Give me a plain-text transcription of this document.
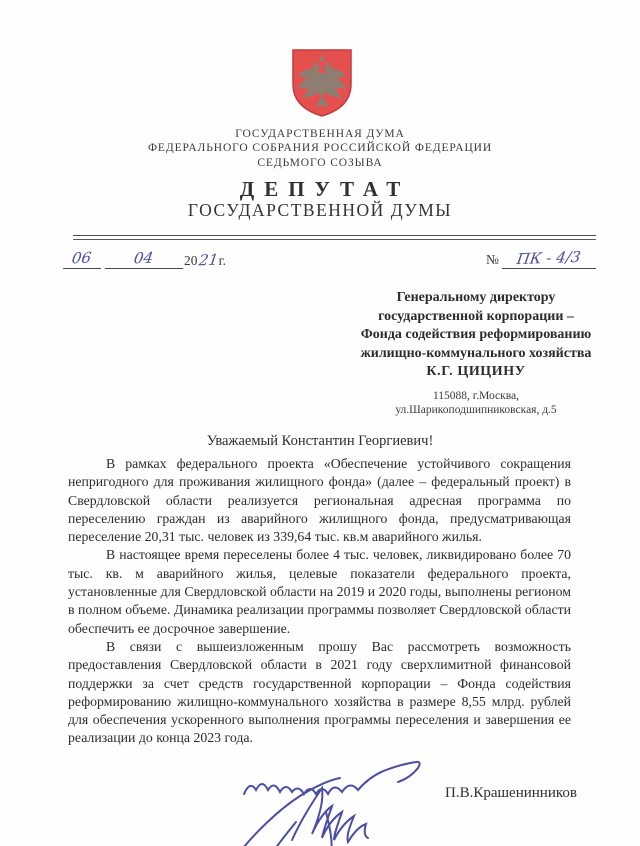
ГОСУДАРСТВЕННАЯ ДУМА
ФЕДЕРАЛЬНОГО СОБРАНИЯ РОССИЙСКОЙ ФЕДЕРАЦИИ
СЕДЬМОГО СОЗЫВА
ДЕПУТАТ
ГОСУДАРСТВЕННОЙ ДУМЫ
06	04	2021г.	№	ПК - 4/3
Генеральному директору
государственной корпорации –
Фонда содействия реформированию
жилищно-коммунального хозяйства
К.Г. ЦИЦИНУ
115088, г.Москва,
ул.Шарикоподшипниковская, д.5
Уважаемый Константин Георгиевич!

В рамках федерального проекта «Обеспечение устойчивого сокращения непригодного для проживания жилищного фонда» (далее – федеральный проект) в Свердловской области реализуется региональная адресная программа по переселению граждан из аварийного жилищного фонда, предусматривающая переселение 20,31 тыс. человек из 339,64 тыс. кв.м аварийного жилья.

В настоящее время переселены более 4 тыс. человек, ликвидировано более 70 тыс. кв. м аварийного жилья, целевые показатели федерального проекта, установленные для Свердловской области на 2019 и 2020 годы, выполнены регионом в полном объеме. Динамика реализации программы позволяет Свердловской области обеспечить ее досрочное завершение.

В связи с вышеизложенным прошу Вас рассмотреть возможность предоставления Свердловской области в 2021 году сверхлимитной финансовой поддержки за счет средств государственной корпорации – Фонда содействия реформированию жилищно-коммунального хозяйства в размере 8,55 млрд. рублей для обеспечения ускоренного выполнения программы переселения и завершения ее реализации до конца 2023 года.

П.В.Крашенинников
